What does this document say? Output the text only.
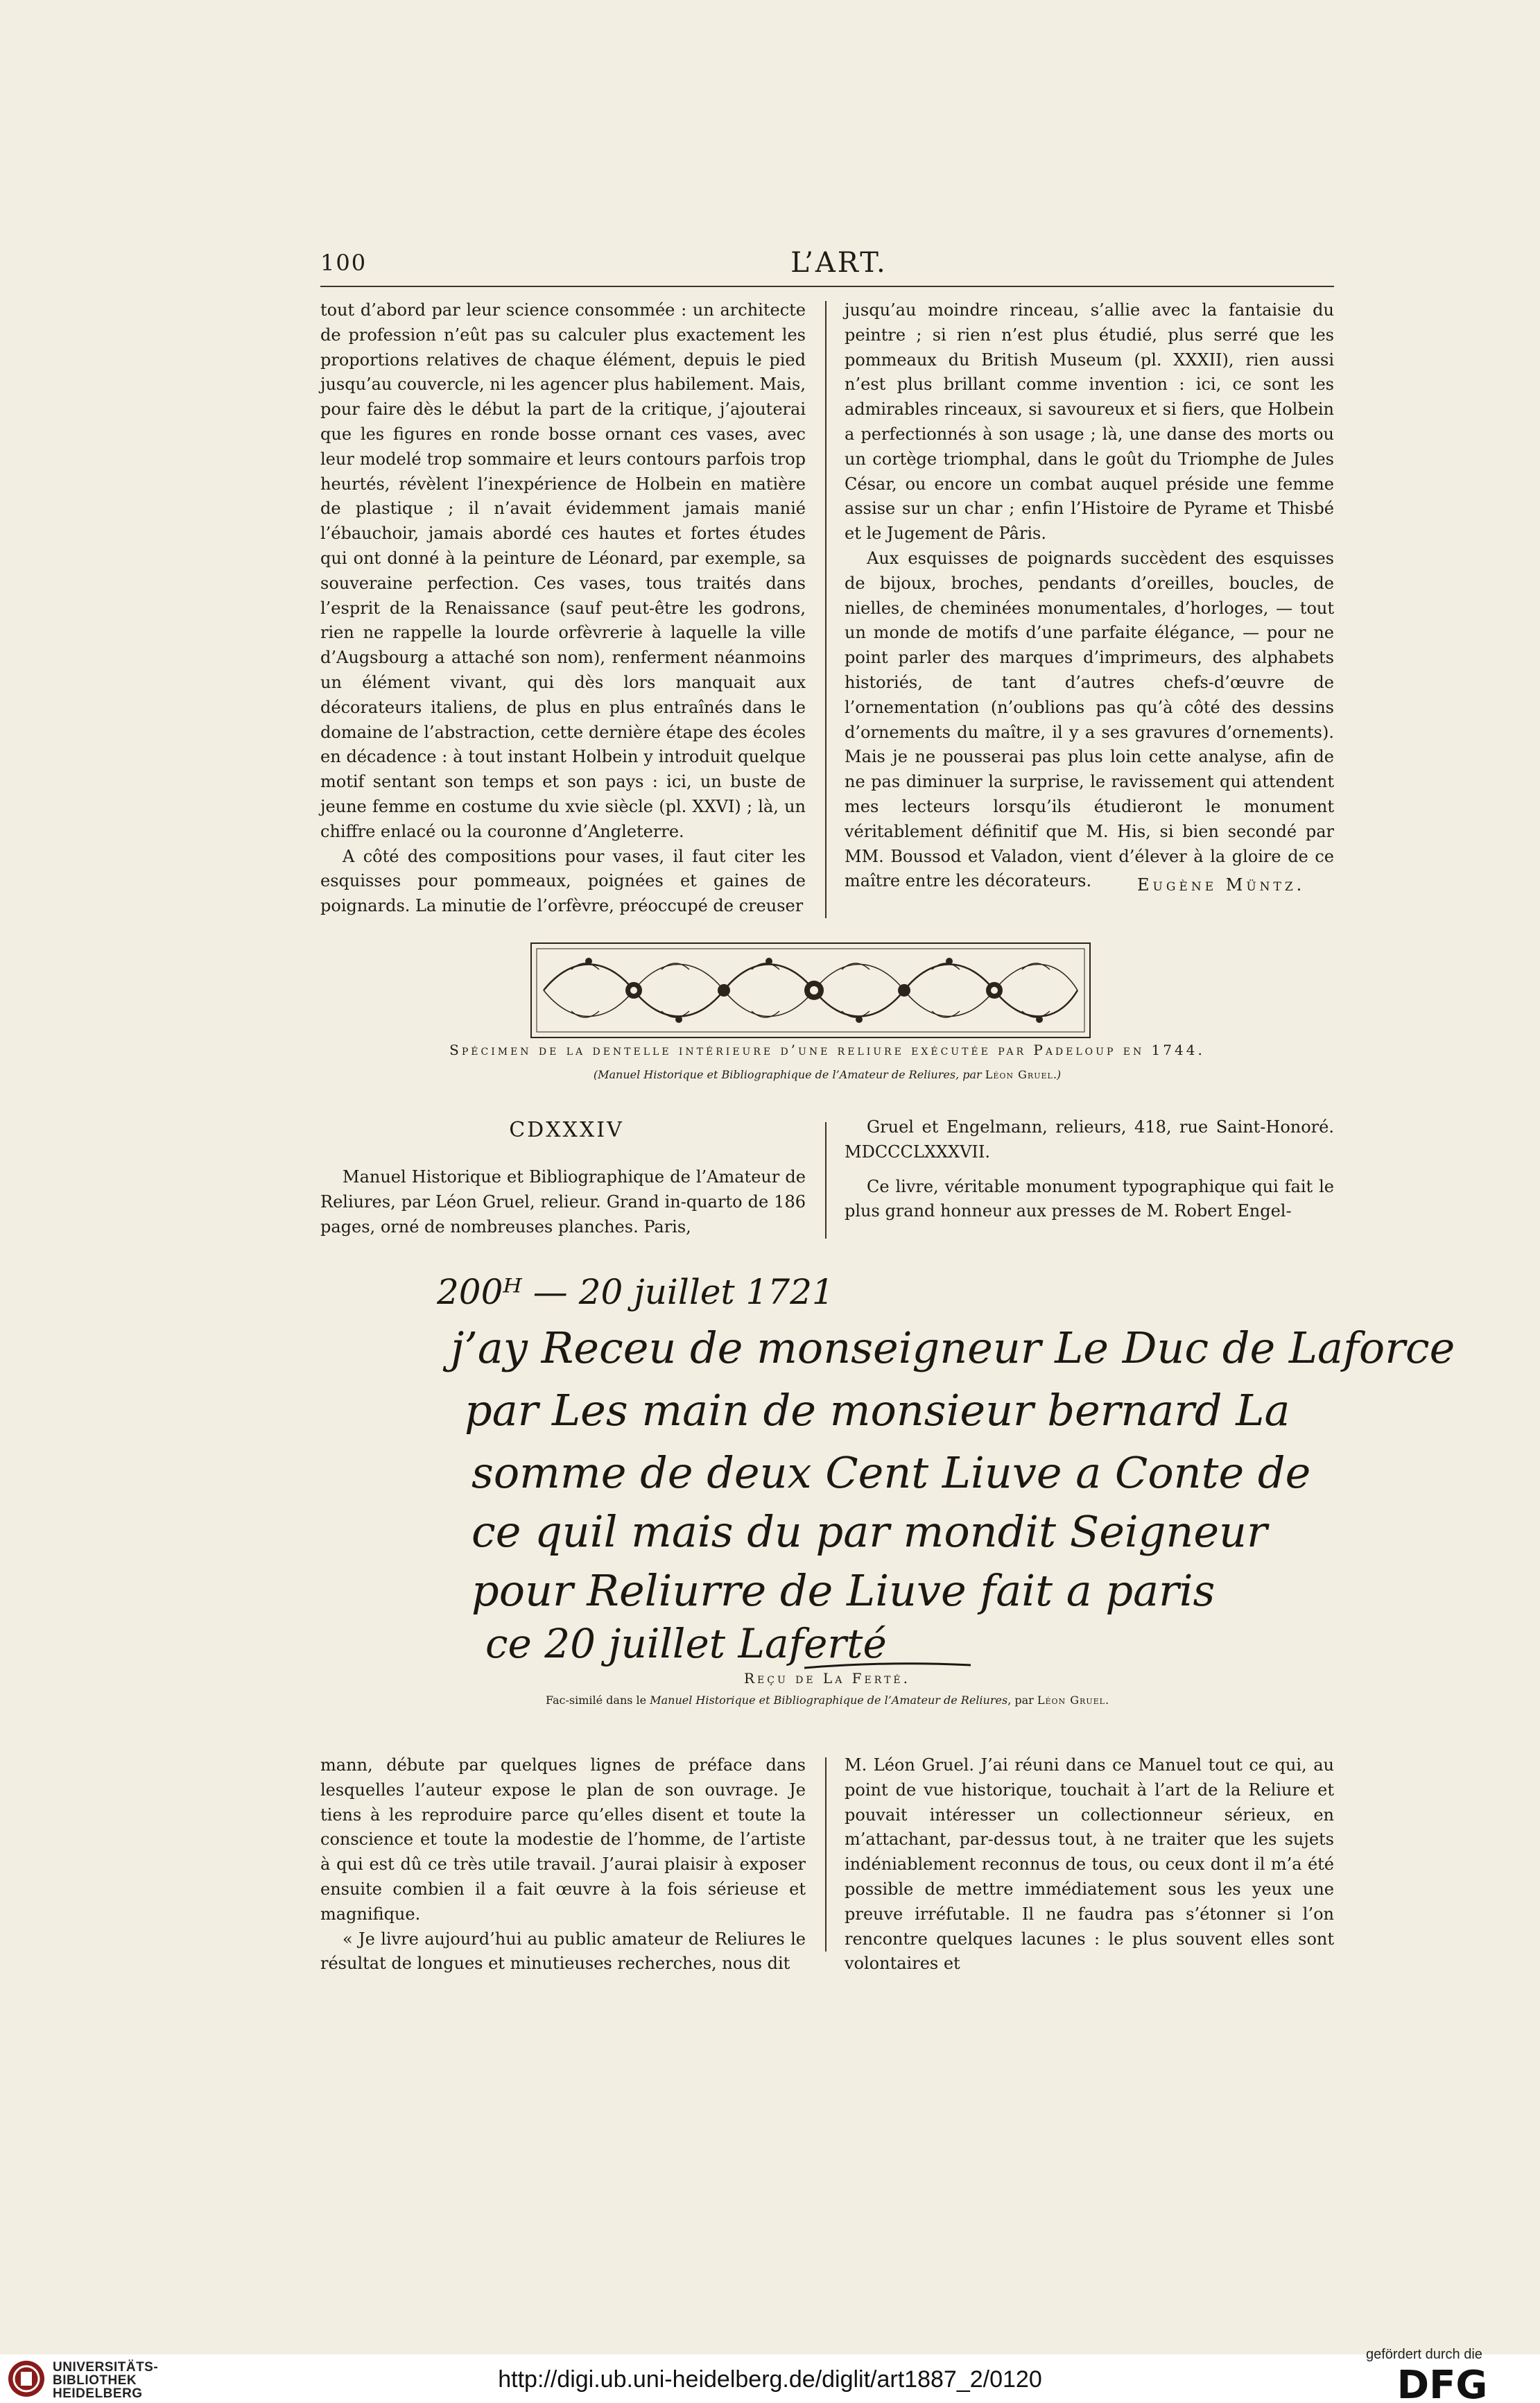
100	L’ART.

tout d’abord par leur science consommée : un architecte de profession n’eût pas su calculer plus exactement les proportions relatives de chaque élément, depuis le pied jusqu’au couvercle, ni les agencer plus habilement. Mais, pour faire dès le début la part de la critique, j’ajouterai que les figures en ronde bosse ornant ces vases, avec leur modelé trop sommaire et leurs contours parfois trop heurtés, révèlent l’inexpérience de Holbein en matière de plastique ; il n’avait évidemment jamais manié l’ébauchoir, jamais abordé ces hautes et fortes études qui ont donné à la peinture de Léonard, par exemple, sa souveraine perfection. Ces vases, tous traités dans l’esprit de la Renaissance (sauf peut-être les godrons, rien ne rappelle la lourde orfèvrerie à laquelle la ville d’Augsbourg a attaché son nom), renferment néanmoins un élément vivant, qui dès lors manquait aux décorateurs italiens, de plus en plus entraînés dans le domaine de l’abstraction, cette dernière étape des écoles en décadence : à tout instant Holbein y introduit quelque motif sentant son temps et son pays : ici, un buste de jeune femme en costume du xvie siècle (pl. XXVI) ; là, un chiffre enlacé ou la couronne d’Angleterre.

A côté des compositions pour vases, il faut citer les esquisses pour pommeaux, poignées et gaines de poignards. La minutie de l’orfèvre, préoccupé de creuser

jusqu’au moindre rinceau, s’allie avec la fantaisie du peintre ; si rien n’est plus étudié, plus serré que les pommeaux du British Museum (pl. XXXII), rien aussi n’est plus brillant comme invention : ici, ce sont les admirables rinceaux, si savoureux et si fiers, que Holbein a perfectionnés à son usage ; là, une danse des morts ou un cortège triomphal, dans le goût du Triomphe de Jules César, ou encore un combat auquel préside une femme assise sur un char ; enfin l’Histoire de Pyrame et Thisbé et le Jugement de Pâris.

Aux esquisses de poignards succèdent des esquisses de bijoux, broches, pendants d’oreilles, boucles, de nielles, de cheminées monumentales, d’horloges, — tout un monde de motifs d’une parfaite élégance, — pour ne point parler des marques d’imprimeurs, des alphabets historiés, de tant d’autres chefs-d’œuvre de l’ornementation (n’oublions pas qu’à côté des dessins d’ornements du maître, il y a ses gravures d’ornements). Mais je ne pousserai pas plus loin cette analyse, afin de ne pas diminuer la surprise, le ravissement qui attendent mes lecteurs lorsqu’ils étudieront le monument véritablement définitif que M. His, si bien secondé par MM. Boussod et Valadon, vient d’élever à la gloire de ce maître entre les décorateurs.	Eugène Müntz.
Spécimen de la dentelle intérieure d’une reliure exécutée par Padeloup en 1744.
(Manuel Historique et Bibliographique de l’Amateur de Reliures, par Léon Gruel.)
CDXXXIV

Manuel Historique et Bibliographique de l’Amateur de Reliures, par Léon Gruel, relieur. Grand in-quarto de 186 pages, orné de nombreuses planches. Paris,

Gruel et Engelmann, relieurs, 418, rue Saint-Honoré. MDCCCLXXXVII.

Ce livre, véritable monument typographique qui fait le plus grand honneur aux presses de M. Robert Engel-

200ᴴ — 20 juillet 1721
j’ay Receu de monseigneur Le Duc de Laforce
par Les main de monsieur bernard La
somme de deux Cent Liuve a Conte de
ce quil mais du par mondit Seigneur
pour Reliurre de Liuve fait a paris
ce 20 juillet Laferté
Reçu de La Ferté.
Fac-similé dans le Manuel Historique et Bibliographique de l’Amateur de Reliures, par Léon Gruel.

mann, débute par quelques lignes de préface dans lesquelles l’auteur expose le plan de son ouvrage. Je tiens à les reproduire parce qu’elles disent et toute la conscience et toute la modestie de l’homme, de l’artiste à qui est dû ce très utile travail. J’aurai plaisir à exposer ensuite combien il a fait œuvre à la fois sérieuse et magnifique.

« Je livre aujourd’hui au public amateur de Reliures le résultat de longues et minutieuses recherches, nous dit

M. Léon Gruel. J’ai réuni dans ce Manuel tout ce qui, au point de vue historique, touchait à l’art de la Reliure et pouvait intéresser un collectionneur sérieux, en m’attachant, par-dessus tout, à ne traiter que les sujets indéniablement reconnus de tous, ou ceux dont il m’a été possible de mettre immédiatement sous les yeux une preuve irréfutable. Il ne faudra pas s’étonner si l’on rencontre quelques lacunes : le plus souvent elles sont volontaires et

UNIVERSITÄTS-
BIBLIOTHEK
HEIDELBERG
http://digi.ub.uni-heidelberg.de/diglit/art1887_2/0120
gefördert durch die
DFG
